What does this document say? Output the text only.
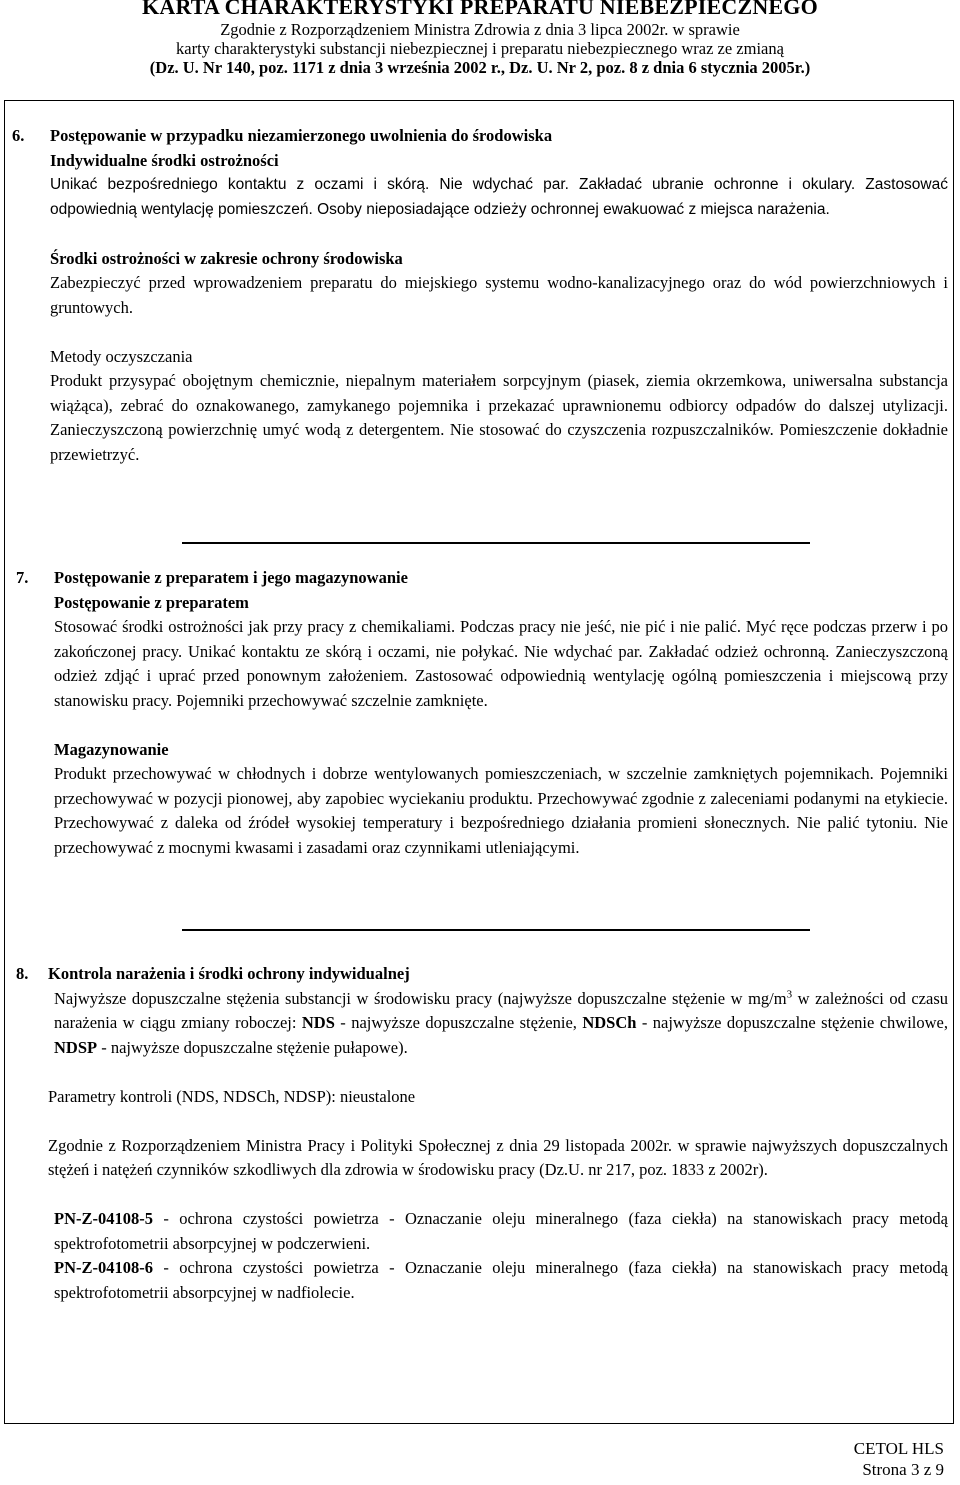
KARTA CHARAKTERYSTYKI PREPARATU NIEBEZPIECZNEGO
Zgodnie z Rozporządzeniem Ministra Zdrowia z dnia 3 lipca 2002r. w sprawie
karty charakterystyki substancji niebezpiecznej i preparatu niebezpiecznego wraz ze zmianą
(Dz. U. Nr 140, poz. 1171 z dnia 3 września 2002 r., Dz. U. Nr 2, poz. 8 z dnia 6 stycznia 2005r.)
6. Postępowanie w przypadku niezamierzonego uwolnienia do środowiska

Indywidualne środki ostrożności

Unikać bezpośredniego kontaktu z oczami i skórą. Nie wdychać par. Zakładać ubranie ochronne i okulary. Zastosować odpowiednią wentylację pomieszczeń. Osoby nieposiadające odzieży ochronnej ewakuować z miejsca narażenia.

Środki ostrożności w zakresie ochrony środowiska

Zabezpieczyć przed wprowadzeniem preparatu do miejskiego systemu wodno-kanalizacyjnego oraz do wód powierzchniowych i gruntowych.

Metody oczyszczania

Produkt przysypać obojętnym chemicznie, niepalnym materiałem sorpcyjnym (piasek, ziemia okrzemkowa, uniwersalna substancja wiążąca), zebrać do oznakowanego, zamykanego pojemnika i przekazać uprawnionemu odbiorcy odpadów do dalszej utylizacji. Zanieczyszczoną powierzchnię umyć wodą z detergentem. Nie stosować do czyszczenia rozpuszczalników. Pomieszczenie dokładnie przewietrzyć.

7. Postępowanie z preparatem i jego magazynowanie

Postępowanie z preparatem

Stosować środki ostrożności jak przy pracy z chemikaliami. Podczas pracy nie jeść, nie pić i nie palić. Myć ręce podczas przerw i po zakończonej pracy. Unikać kontaktu ze skórą i oczami, nie połykać. Nie wdychać par. Zakładać odzież ochronną. Zanieczyszczoną odzież zdjąć i uprać przed ponownym założeniem. Zastosować odpowiednią wentylację ogólną pomieszczenia i miejscową przy stanowisku pracy. Pojemniki przechowywać szczelnie zamknięte.

Magazynowanie

Produkt przechowywać w chłodnych i dobrze wentylowanych pomieszczeniach, w szczelnie zamkniętych pojemnikach. Pojemniki przechowywać w pozycji pionowej, aby zapobiec wyciekaniu produktu. Przechowywać zgodnie z zaleceniami podanymi na etykiecie. Przechowywać z daleka od źródeł wysokiej temperatury i bezpośredniego działania promieni słonecznych. Nie palić tytoniu. Nie przechowywać z mocnymi kwasami i zasadami oraz czynnikami utleniającymi.

8. Kontrola narażenia i środki ochrony indywidualnej

Najwyższe dopuszczalne stężenia substancji w środowisku pracy (najwyższe dopuszczalne stężenie w $mg/m^3$ w zależności od czasu narażenia w ciągu zmiany roboczej: NDS - najwyższe dopuszczalne stężenie, NDSCh - najwyższe dopuszczalne stężenie chwilowe, NDSP - najwyższe dopuszczalne stężenie pułapowe).

Parametry kontroli (NDS, NDSCh, NDSP): nieustalone

Zgodnie z Rozporządzeniem Ministra Pracy i Polityki Społecznej z dnia 29 listopada 2002r. w sprawie najwyższych dopuszczalnych stężeń i natężeń czynników szkodliwych dla zdrowia w środowisku pracy (Dz.U. nr 217, poz. 1833 z 2002r).

PN-Z-04108-5 - ochrona czystości powietrza - Oznaczanie oleju mineralnego (faza ciekła) na stanowiskach pracy metodą spektrofotometrii absorpcyjnej w podczerwieni.

PN-Z-04108-6 - ochrona czystości powietrza - Oznaczanie oleju mineralnego (faza ciekła) na stanowiskach pracy metodą spektrofotometrii absorpcyjnej w nadfiolecie.

CETOL HLS
Strona 3 z 9
